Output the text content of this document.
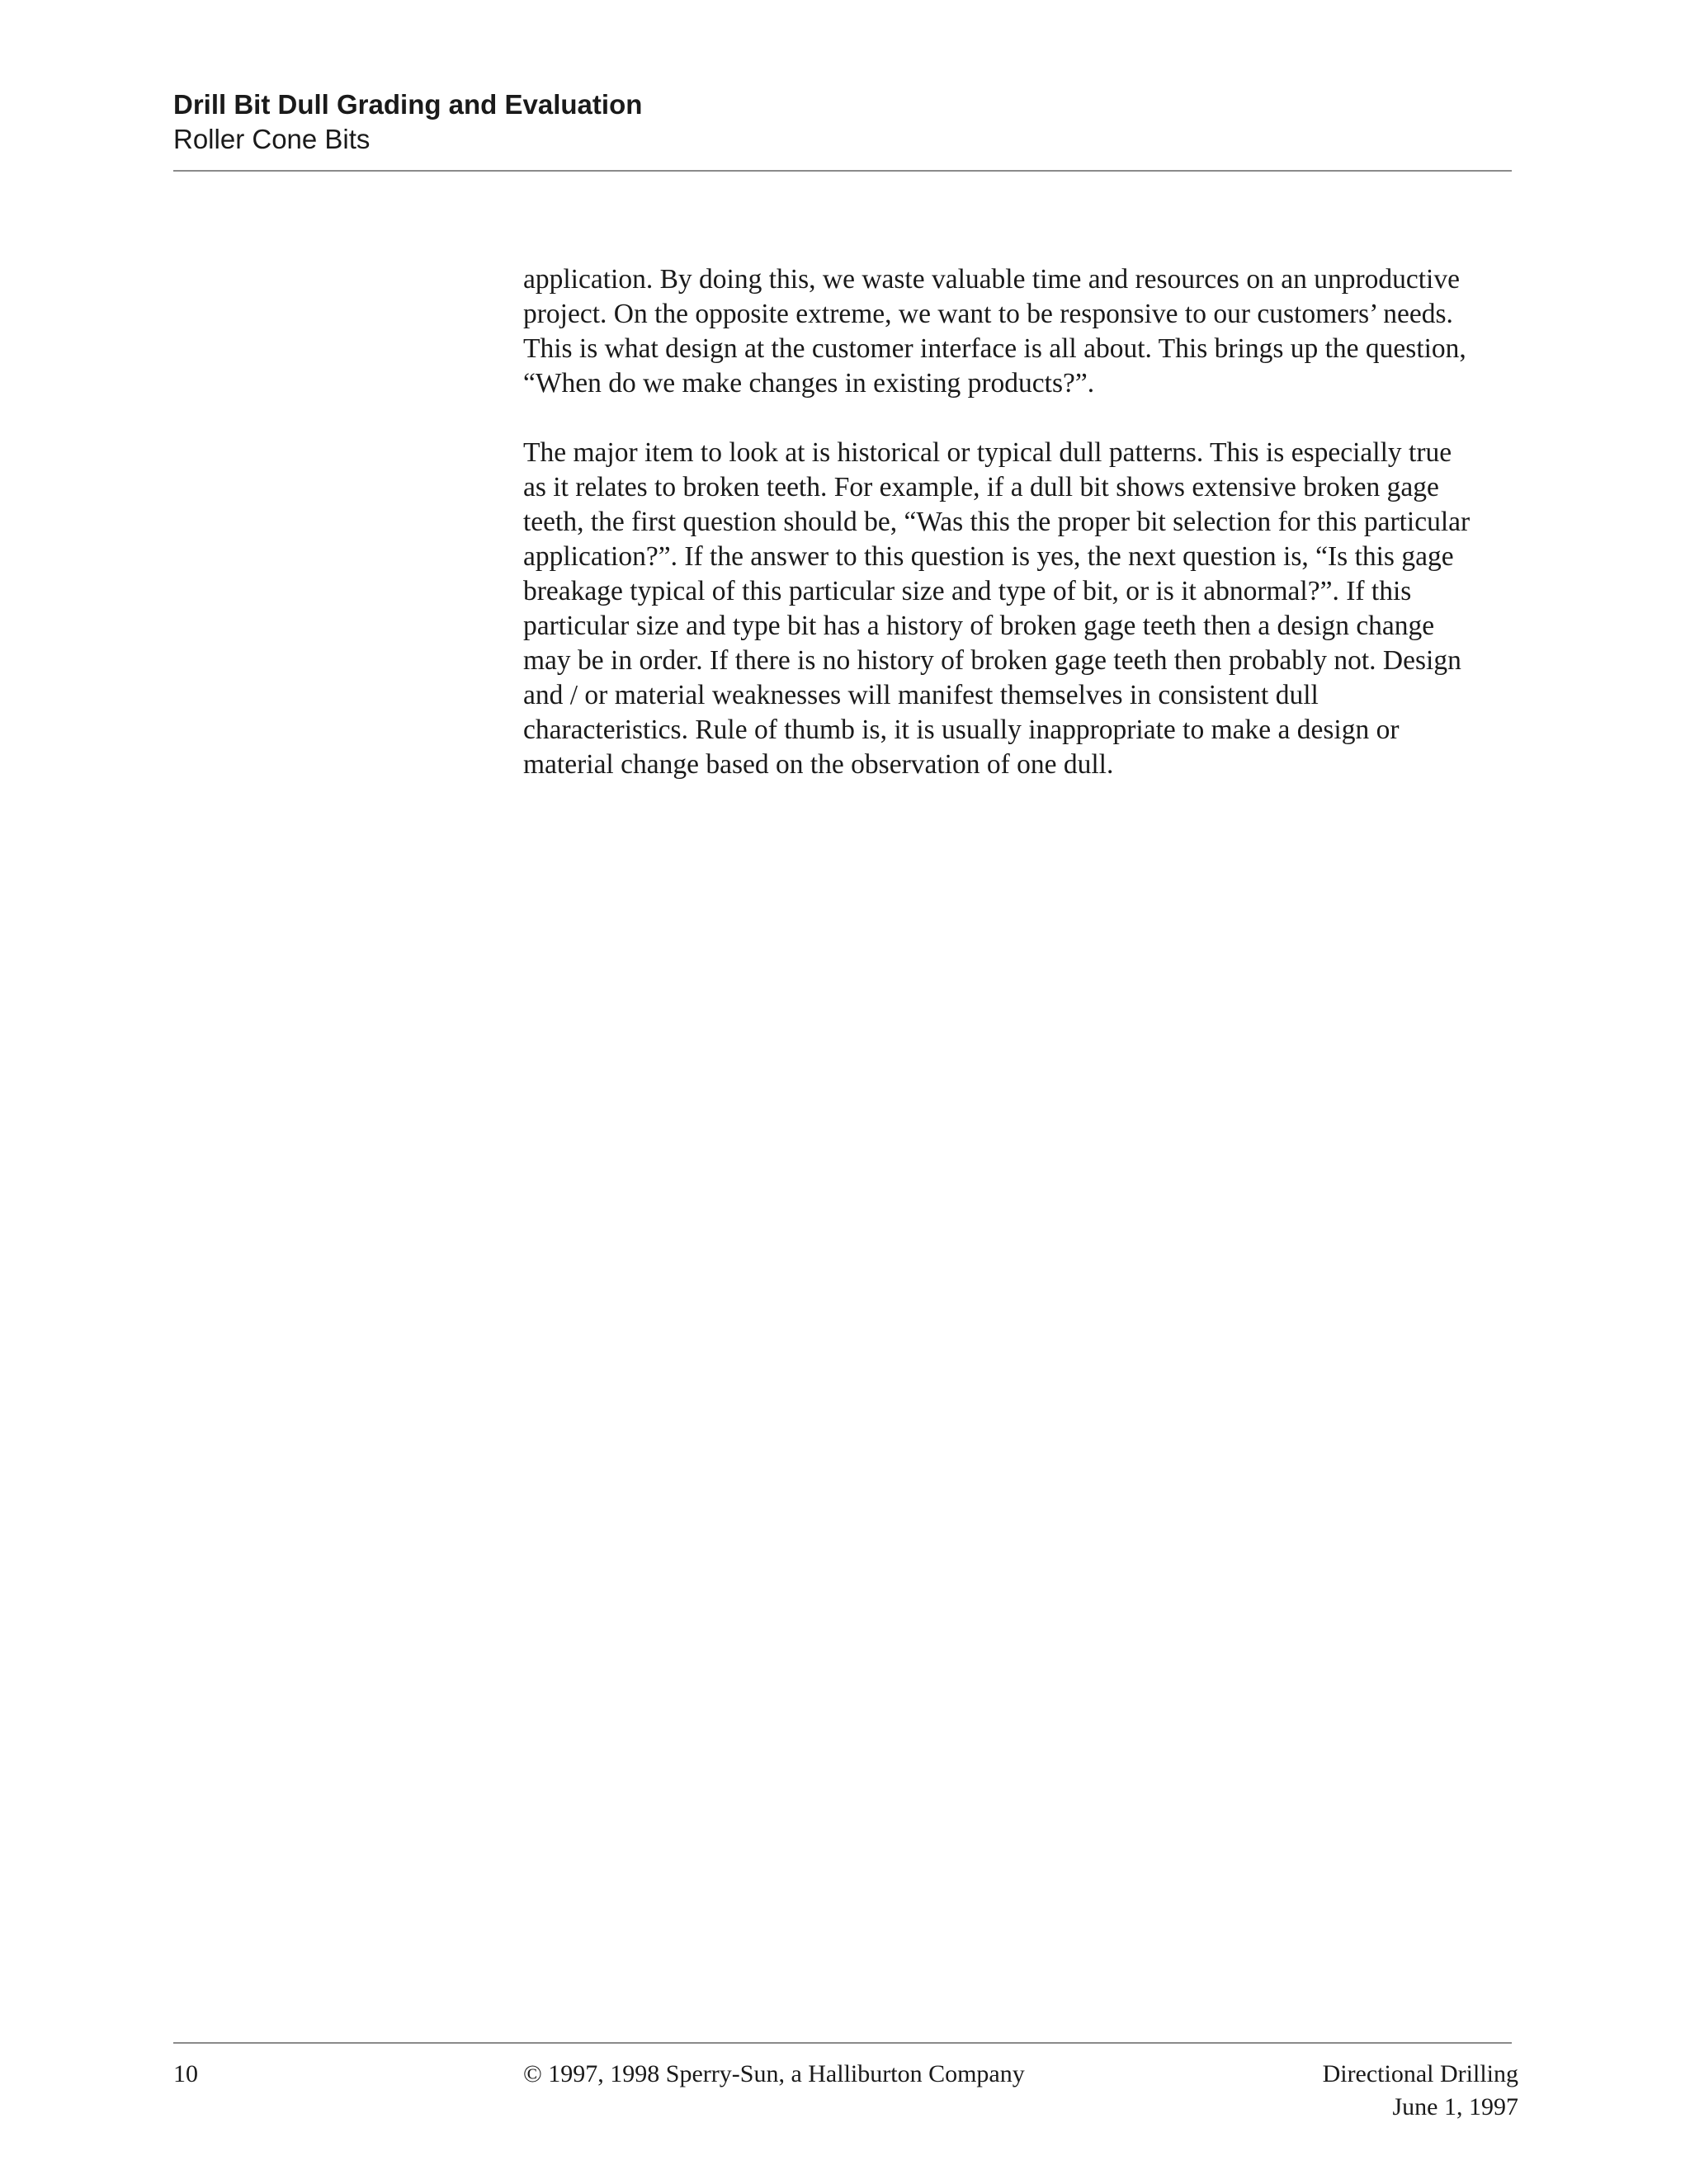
Drill Bit Dull Grading and Evaluation
Roller Cone Bits

application. By doing this, we waste valuable time and resources on an unproductive
project. On the opposite extreme, we want to be responsive to our customers’ needs.
This is what design at the customer interface is all about. This brings up the question,
“When do we make changes in existing products?”.

The major item to look at is historical or typical dull patterns. This is especially true
as it relates to broken teeth. For example, if a dull bit shows extensive broken gage
teeth, the first question should be, “Was this the proper bit selection for this particular
application?”. If the answer to this question is yes, the next question is, “Is this gage
breakage typical of this particular size and type of bit, or is it abnormal?”. If this
particular size and type bit has a history of broken gage teeth then a design change
may be in order. If there is no history of broken gage teeth then probably not. Design
and / or material weaknesses will manifest themselves in consistent dull
characteristics. Rule of thumb is, it is usually inappropriate to make a design or
material change based on the observation of one dull.

10	© 1997, 1998 Sperry-Sun, a Halliburton Company	Directional Drilling
June 1, 1997
